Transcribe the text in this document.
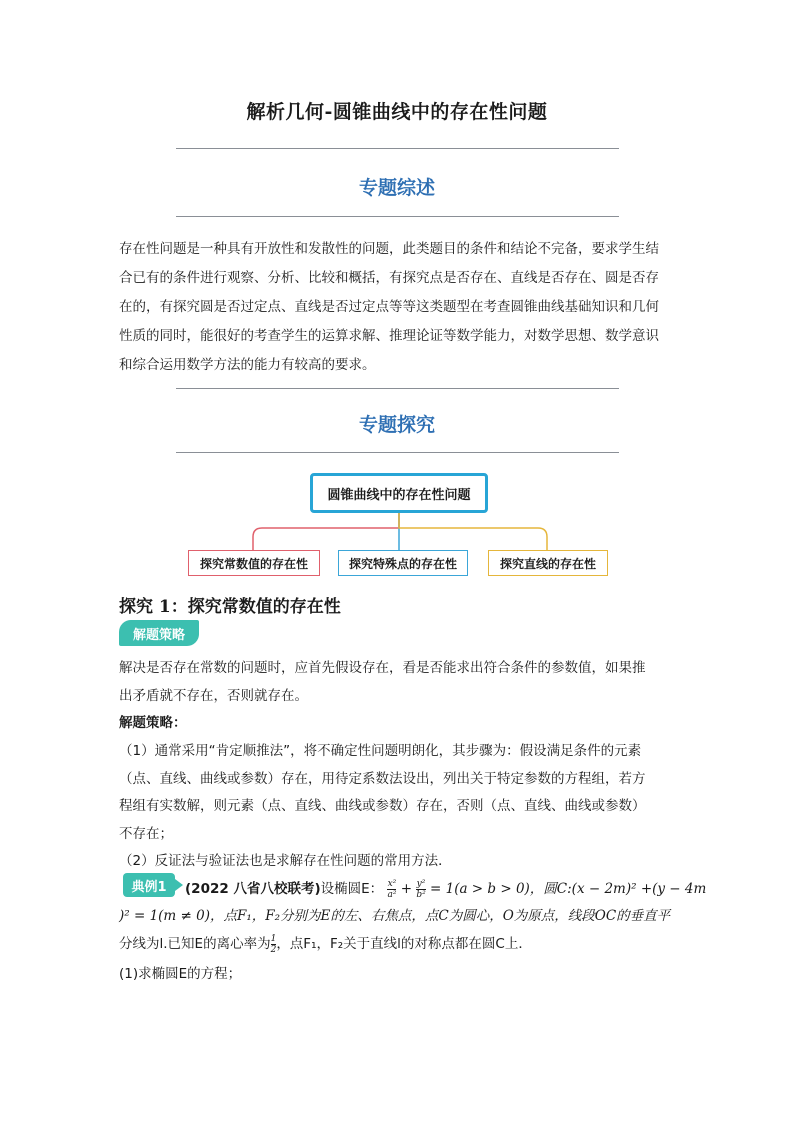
解析几何-圆锥曲线中的存在性问题
专题综述
存在性问题是一种具有开放性和发散性的问题，此类题目的条件和结论不完备，要求学生结
合已有的条件进行观察、分析、比较和概括，有探究点是否存在、直线是否存在、圆是否存
在的，有探究圆是否过定点、直线是否过定点等等这类题型在考查圆锥曲线基础知识和几何
性质的同时，能很好的考查学生的运算求解、推理论证等数学能力，对数学思想、数学意识
和综合运用数学方法的能力有较高的要求。
专题探究
圆锥曲线中的存在性问题
探究常数值的存在性	探究特殊点的存在性	探究直线的存在性
探究 1：探究常数值的存在性
解题策略
解决是否存在常数的问题时，应首先假设存在，看是否能求出符合条件的参数值，如果推
出矛盾就不存在，否则就存在。
解题策略：
（1）通常采用“肯定顺推法”，将不确定性问题明朗化，其步骤为：假设满足条件的元素
（点、直线、曲线或参数）存在，用待定系数法设出，列出关于特定参数的方程组，若方
程组有实数解，则元素（点、直线、曲线或参数）存在，否则（点、直线、曲线或参数）
不存在；
（2）反证法与验证法也是求解存在性问题的常用方法．
典例1	(2022 八省八校联考)设椭圆E： $\frac{\text{x²}}{\text{a²}} + \frac{\text{y²}}{\text{b²}} = 1(a > b > 0)$，圆C:(x − 2m)² +(y − 4m
)² = 1(m ≠ 0)，点F₁，F₂分别为E的左、右焦点，点C为圆心，O为原点，线段OC的垂直平
分线为l.已知E的离心率为 $\frac{1}{2}$ ，点F₁，F₂关于直线l的对称点都在圆C上．
(1)求椭圆E的方程；
